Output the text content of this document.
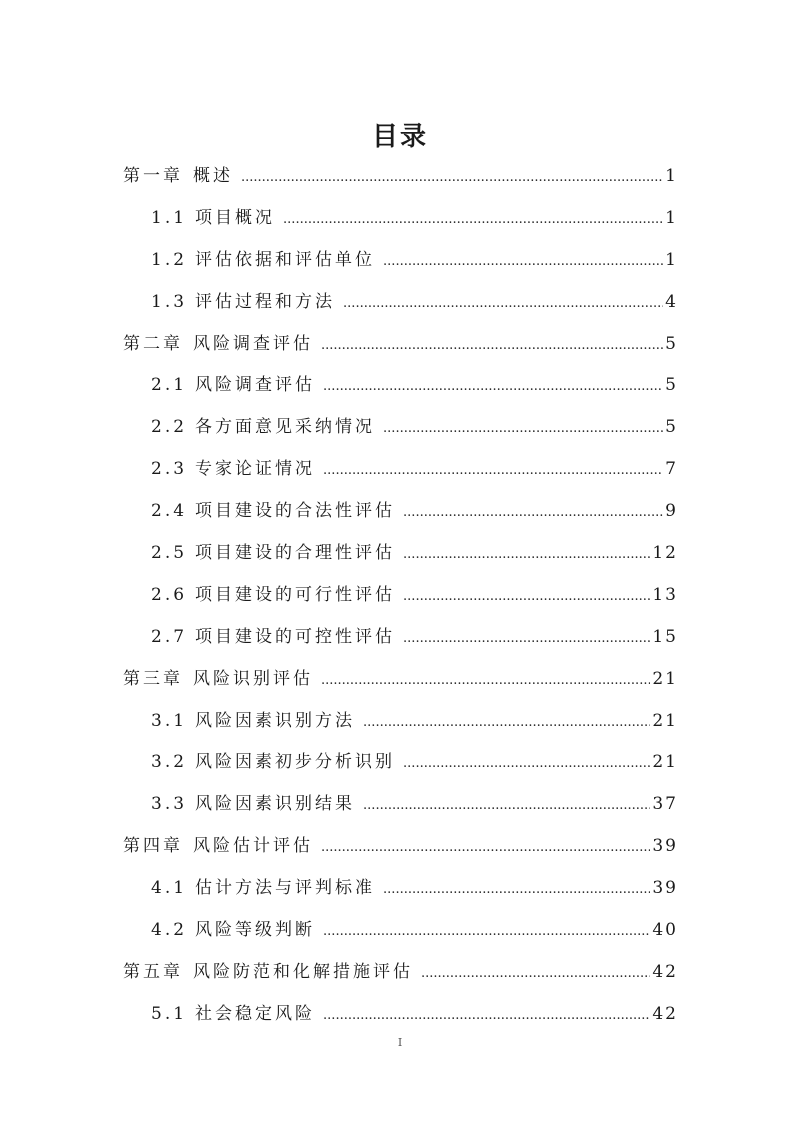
目录
第一章 概述 .....	1
1.1 项目概况 .....	1
1.2 评估依据和评估单位 .....	1
1.3 评估过程和方法 .....	4
第二章 风险调查评估 .....	5
2.1 风险调查评估 .....	5
2.2 各方面意见采纳情况 .....	5
2.3 专家论证情况 .....	7
2.4 项目建设的合法性评估 .....	9
2.5 项目建设的合理性评估 .....	12
2.6 项目建设的可行性评估 .....	13
2.7 项目建设的可控性评估 .....	15
第三章 风险识别评估 .....	21
3.1 风险因素识别方法 .....	21
3.2 风险因素初步分析识别 .....	21
3.3 风险因素识别结果 .....	37
第四章 风险估计评估 .....	39
4.1 估计方法与评判标准 .....	39
4.2 风险等级判断 .....	40
第五章 风险防范和化解措施评估 .....	42
5.1 社会稳定风险 .....	42
I
